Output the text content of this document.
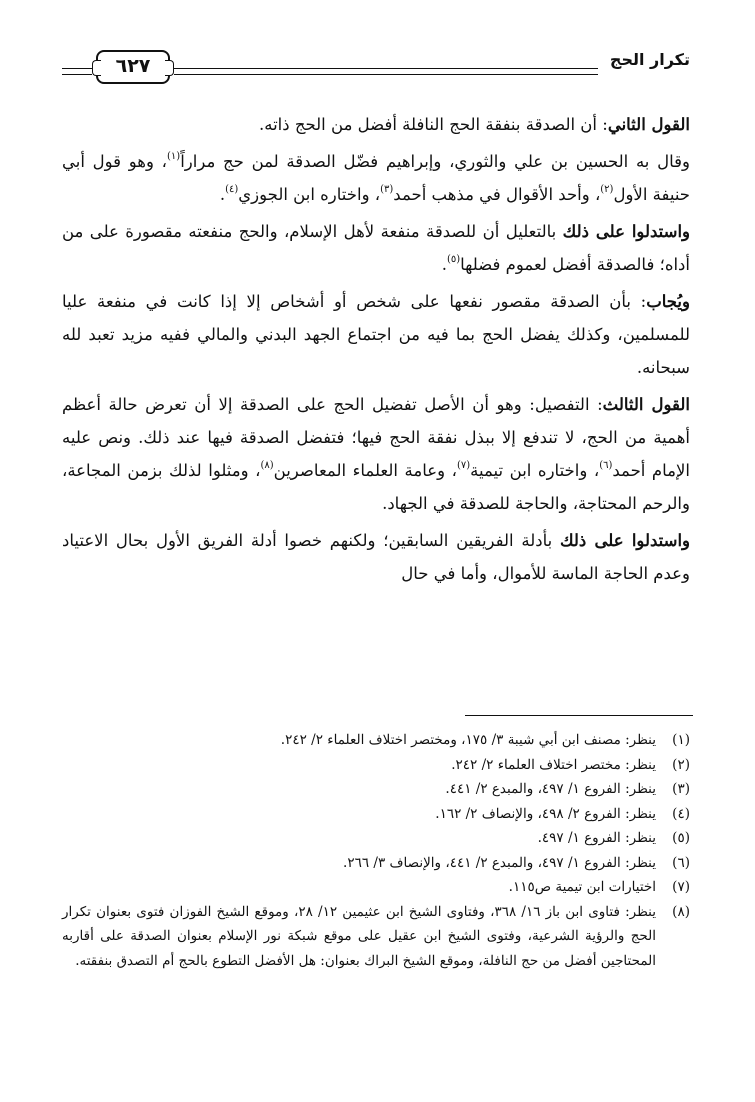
تكرار الحج
٦٢٧

القول الثاني: أن الصدقة بنفقة الحج النافلة أفضل من الحج ذاته.

وقال به الحسين بن علي والثوري، وإبراهيم فضّل الصدقة لمن حج مراراً$^{(١)}$، وهو قول أبي حنيفة الأول$^{(٢)}$، وأحد الأقوال في مذهب أحمد$^{(٣)}$، واختاره ابن الجوزي$^{(٤)}$.

واستدلوا على ذلك بالتعليل أن للصدقة منفعة لأهل الإسلام، والحج منفعته مقصورة على من أداه؛ فالصدقة أفضل لعموم فضلها$^{(٥)}$.

ويُجاب: بأن الصدقة مقصور نفعها على شخص أو أشخاص إلا إذا كانت في منفعة عليا للمسلمين، وكذلك يفضل الحج بما فيه من اجتماع الجهد البدني والمالي ففيه مزيد تعبد لله سبحانه.

القول الثالث: التفصيل: وهو أن الأصل تفضيل الحج على الصدقة إلا أن تعرض حالة أعظم أهمية من الحج، لا تندفع إلا ببذل نفقة الحج فيها؛ فتفضل الصدقة فيها عند ذلك. ونص عليه الإمام أحمد$^{(٦)}$، واختاره ابن تيمية$^{(٧)}$، وعامة العلماء المعاصرين$^{(٨)}$، ومثلوا لذلك بزمن المجاعة، والرحم المحتاجة، والحاجة للصدقة في الجهاد.

واستدلوا على ذلك بأدلة الفريقين السابقين؛ ولكنهم خصوا أدلة الفريق الأول بحال الاعتياد وعدم الحاجة الماسة للأموال، وأما في حال

(١)
ينظر: مصنف ابن أبي شيبة ٣/ ١٧٥، ومختصر اختلاف العلماء ٢/ ٢٤٢.
(٢)
ينظر: مختصر اختلاف العلماء ٢/ ٢٤٢.
(٣)
ينظر: الفروع ١/ ٤٩٧، والمبدع ٢/ ٤٤١.
(٤)
ينظر: الفروع ٢/ ٤٩٨، والإنصاف ٢/ ١٦٢.
(٥)
ينظر: الفروع ١/ ٤٩٧.
(٦)
ينظر: الفروع ١/ ٤٩٧، والمبدع ٢/ ٤٤١، والإنصاف ٣/ ٢٦٦.
(٧)
اختيارات ابن تيمية ص١١٥.
(٨)
ينظر: فتاوى ابن باز ١٦/ ٣٦٨، وفتاوى الشيخ ابن عثيمين ١٢/ ٢٨، وموقع الشيخ الفوزان فتوى بعنوان تكرار الحج والرؤية الشرعية، وفتوى الشيخ ابن عقيل على موقع شبكة نور الإسلام بعنوان الصدقة على أقاربه المحتاجين أفضل من حج النافلة، وموقع الشيخ البراك بعنوان: هل الأفضل التطوع بالحج أم التصدق بنفقته.
